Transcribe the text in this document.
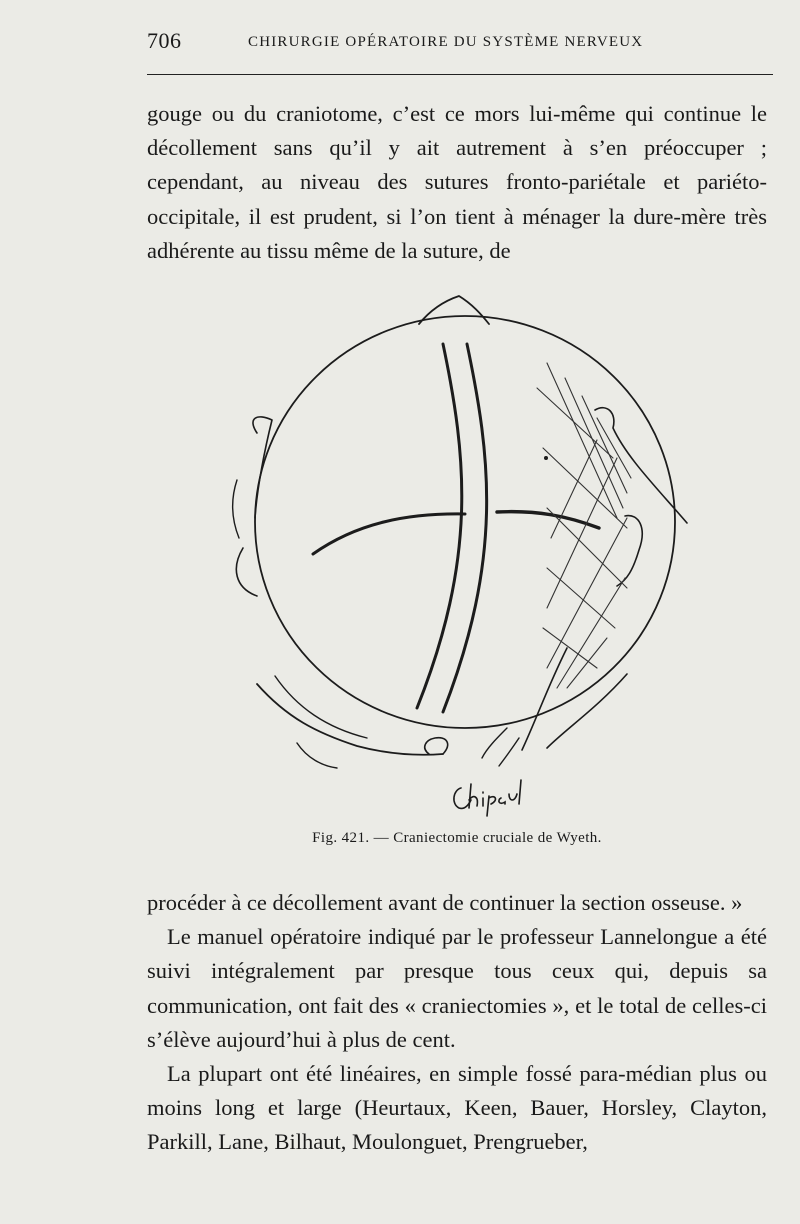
706	CHIRURGIE OPÉRATOIRE DU SYSTÈME NERVEUX

gouge ou du craniotome, c’est ce mors lui-même qui continue le décollement sans qu’il y ait autrement à s’en préoccuper ; cependant, au niveau des sutures fronto-pariétale et pariéto-occipitale, il est prudent, si l’on tient à ménager la dure-mère très adhérente au tissu même de la suture, de

Fig. 421. — Craniectomie cruciale de Wyeth.

procéder à ce décollement avant de continuer la section osseuse. »

Le manuel opératoire indiqué par le professeur Lannelongue a été suivi intégralement par presque tous ceux qui, depuis sa communication, ont fait des « craniectomies », et le total de celles-ci s’élève aujourd’hui à plus de cent.

La plupart ont été linéaires, en simple fossé para-médian plus ou moins long et large (Heurtaux, Keen, Bauer, Horsley, Clayton, Parkill, Lane, Bilhaut, Moulonguet, Prengrueber,
